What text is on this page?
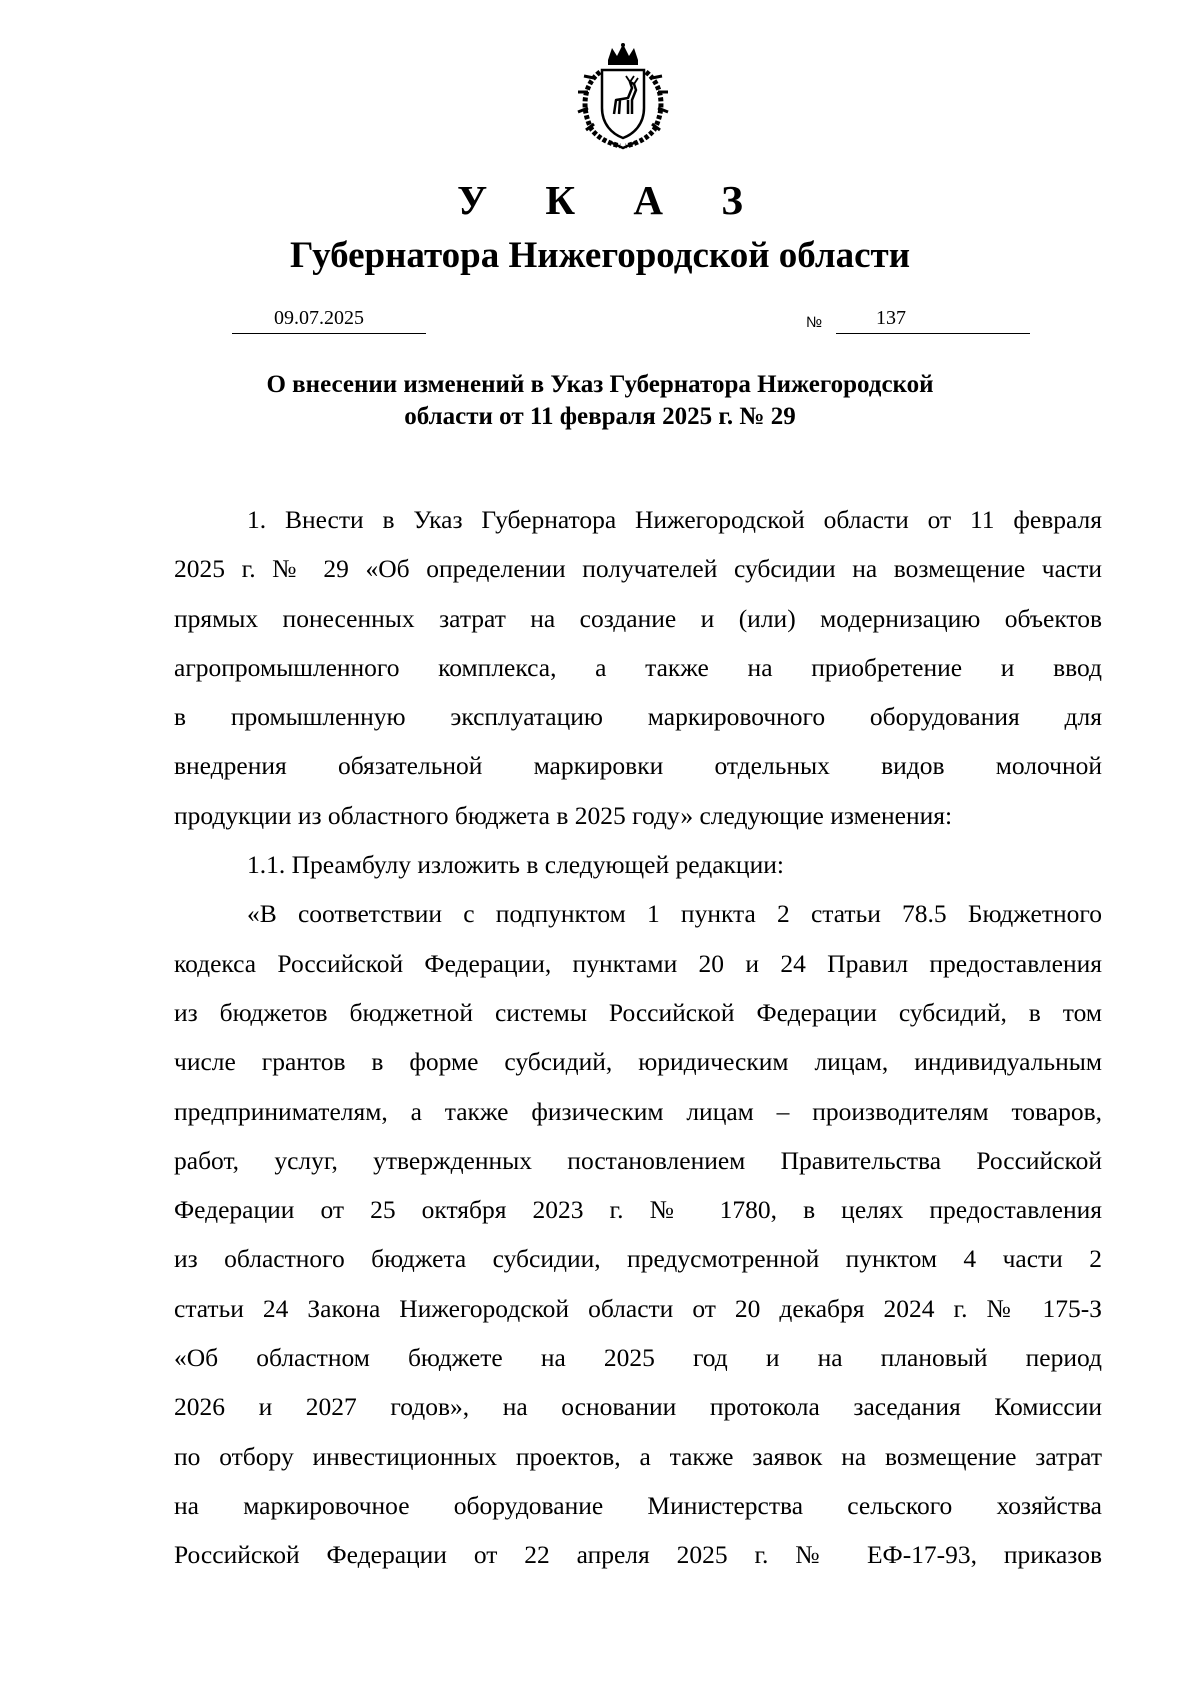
У К А З
Губернатора Нижегородской области
09.07.2025	№	137
О внесении изменений в Указ Губернатора Нижегородской
области от 11 февраля 2025 г. № 29
1. Внести в Указ Губернатора Нижегородской области от 11 февраля
2025 г. № 29 «Об определении получателей субсидии на возмещение части
прямых понесенных затрат на создание и (или) модернизацию объектов
агропромышленного комплекса, а также на приобретение и ввод
в промышленную эксплуатацию маркировочного оборудования для
внедрения обязательной маркировки отдельных видов молочной
продукции из областного бюджета в 2025 году» следующие изменения:
1.1. Преамбулу изложить в следующей редакции:
«В соответствии с подпунктом 1 пункта 2 статьи 78.5 Бюджетного
кодекса Российской Федерации, пунктами 20 и 24 Правил предоставления
из бюджетов бюджетной системы Российской Федерации субсидий, в том
числе грантов в форме субсидий, юридическим лицам, индивидуальным
предпринимателям, а также физическим лицам – производителям товаров,
работ, услуг, утвержденных постановлением Правительства Российской
Федерации от 25 октября 2023 г. № 1780, в целях предоставления
из областного бюджета субсидии, предусмотренной пунктом 4 части 2
статьи 24 Закона Нижегородской области от 20 декабря 2024 г. № 175-З
«Об областном бюджете на 2025 год и на плановый период
2026 и 2027 годов», на основании протокола заседания Комиссии
по отбору инвестиционных проектов, а также заявок на возмещение затрат
на маркировочное оборудование Министерства сельского хозяйства
Российской Федерации от 22 апреля 2025 г. № ЕФ-17-93, приказов
